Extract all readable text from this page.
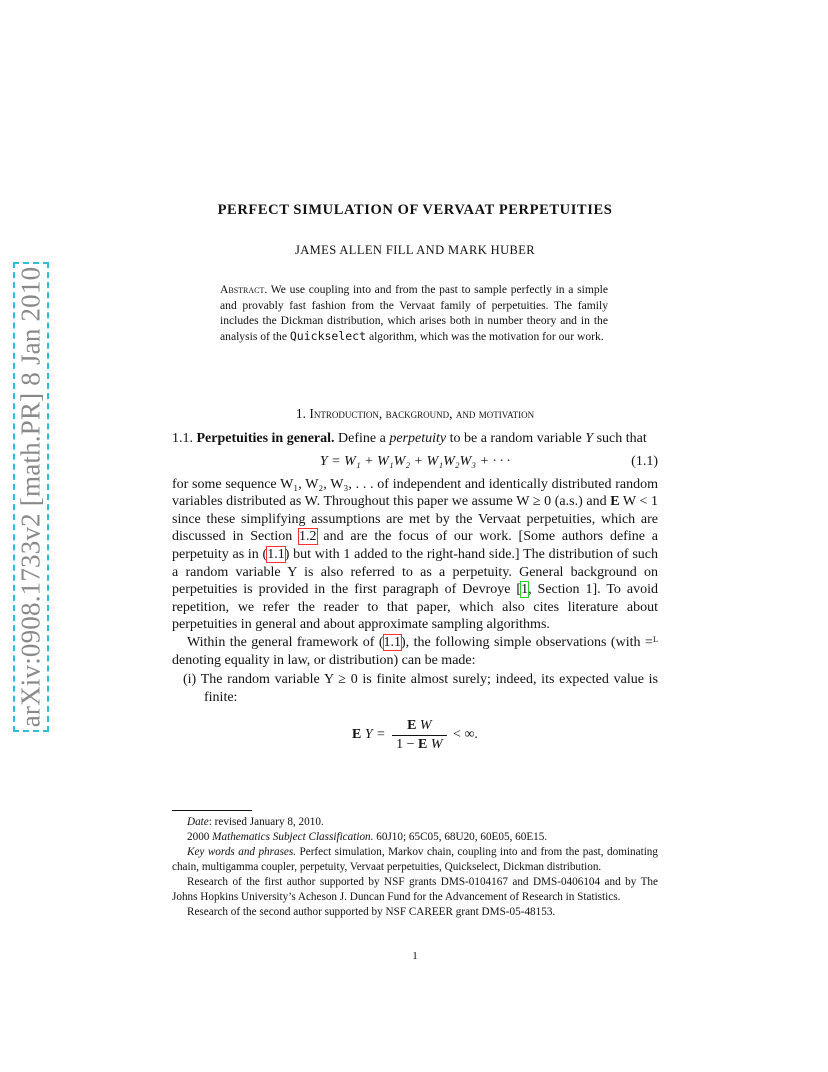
arXiv:0908.1733v2 [math.PR] 8 Jan 2010
PERFECT SIMULATION OF VERVAAT PERPETUITIES
JAMES ALLEN FILL AND MARK HUBER
Abstract. We use coupling into and from the past to sample perfectly in a simple and provably fast fashion from the Vervaat family of perpetuities. The family includes the Dickman distribution, which arises both in number theory and in the analysis of the Quickselect algorithm, which was the motivation for our work.
1. Introduction, background, and motivation

1.1. Perpetuities in general. Define a perpetuity to be a random variable Y such that

Y = W₁ + W₁W₂ + W₁W₂W₃ + · · ·	(1.1)

for some sequence W₁, W₂, W₃, . . . of independent and identically distributed random variables distributed as W. Throughout this paper we assume W ≥ 0 (a.s.) and E W < 1 since these simplifying assumptions are met by the Vervaat perpetuities, which are discussed in Section 1.2 and are the focus of our work. [Some authors define a perpetuity as in (1.1) but with 1 added to the right-hand side.] The distribution of such a random variable Y is also referred to as a perpetuity. General background on perpetuities is provided in the first paragraph of Devroye [1, Section 1]. To avoid repetition, we refer the reader to that paper, which also cites literature about perpetuities in general and about approximate sampling algorithms.

Within the general framework of (1.1), the following simple observations (with =ᴸ denoting equality in law, or distribution) can be made:

(i) The random variable Y ≥ 0 is finite almost surely; indeed, its expected value is finite:

E $Y = \frac{\text{E W}}{\text{1 − E W}}$ < ∞.

Date: revised January 8, 2010.

2000 Mathematics Subject Classification. 60J10; 65C05, 68U20, 60E05, 60E15.

Key words and phrases. Perfect simulation, Markov chain, coupling into and from the past, dominating chain, multigamma coupler, perpetuity, Vervaat perpetuities, Quickselect, Dickman distribution.

Research of the first author supported by NSF grants DMS-0104167 and DMS-0406104 and by The Johns Hopkins University’s Acheson J. Duncan Fund for the Advancement of Research in Statistics.

Research of the second author supported by NSF CAREER grant DMS-05-48153.

1
